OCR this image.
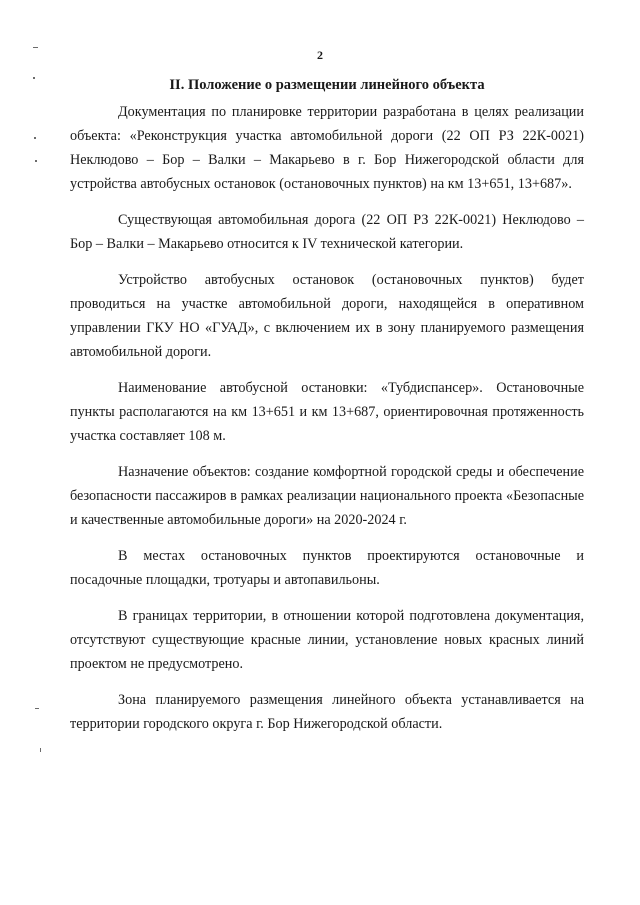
2
II. Положение о размещении линейного объекта

Документация по планировке территории разработана в целях реализации объекта: «Реконструкция участка автомобильной дороги (22 ОП РЗ 22К-0021) Неклюдово – Бор – Валки – Макарьево в г. Бор Нижегородской области для устройства автобусных остановок (остановочных пунктов) на км 13+651, 13+687».

Существующая автомобильная дорога (22 ОП РЗ 22К-0021) Неклюдово – Бор – Валки – Макарьево относится к IV технической категории.

Устройство автобусных остановок (остановочных пунктов) будет проводиться на участке автомобильной дороги, находящейся в оперативном управлении ГКУ НО «ГУАД», с включением их в зону планируемого размещения автомобильной дороги.

Наименование автобусной остановки: «Тубдиспансер». Остановочные пункты располагаются на км 13+651 и км 13+687, ориентировочная протяженность участка составляет 108 м.

Назначение объектов: создание комфортной городской среды и обеспечение безопасности пассажиров в рамках реализации национального проекта «Безопасные и качественные автомобильные дороги» на 2020-2024 г.

В местах остановочных пунктов проектируются остановочные и посадочные площадки, тротуары и автопавильоны.

В границах территории, в отношении которой подготовлена документация, отсутствуют существующие красные линии, установление новых красных линий проектом не предусмотрено.

Зона планируемого размещения линейного объекта устанавливается на территории городского округа г. Бор Нижегородской области.
